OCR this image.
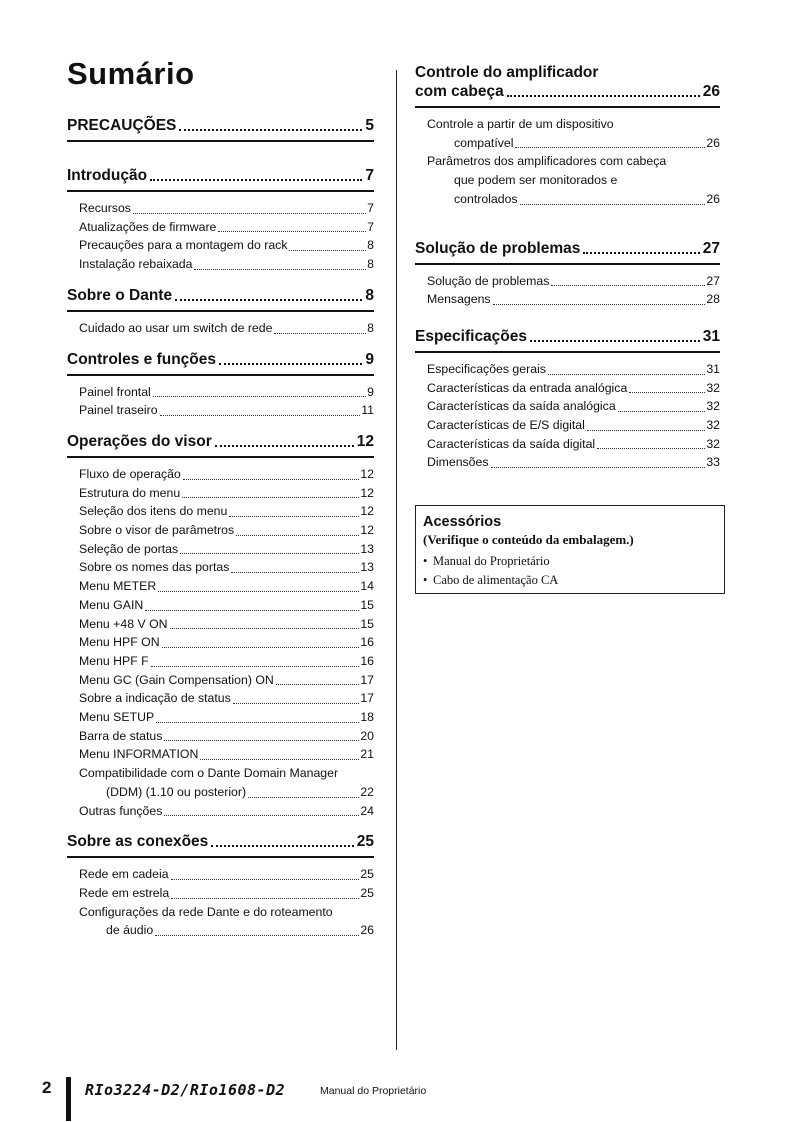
Sumário
PRECAUÇÕES	5
Introdução	7
Recursos	7
Atualizações de firmware	7
Precauções para a montagem do rack	8
Instalação rebaixada	8
Sobre o Dante	8
Cuidado ao usar um switch de rede	8
Controles e funções	9
Painel frontal	9
Painel traseiro	11
Operações do visor	12
Fluxo de operação	12
Estrutura do menu	12
Seleção dos itens do menu	12
Sobre o visor de parâmetros	12
Seleção de portas	13
Sobre os nomes das portas	13
Menu METER	14
Menu GAIN	15
Menu +48 V ON	15
Menu HPF ON	16
Menu HPF F	16
Menu GC (Gain Compensation) ON	17
Sobre a indicação de status	17
Menu SETUP	18
Barra de status	20
Menu INFORMATION	21
Compatibilidade com o Dante Domain Manager
(DDM) (1.10 ou posterior)	22
Outras funções	24
Sobre as conexões	25
Rede em cadeia	25
Rede em estrela	25
Configurações da rede Dante e do roteamento
de áudio	26
Controle do amplificador
com cabeça	26
Controle a partir de um dispositivo
compatível	26
Parâmetros dos amplificadores com cabeça
que podem ser monitorados e
controlados	26
Solução de problemas	27
Solução de problemas	27
Mensagens	28
Especificações	31
Especificações gerais	31
Características da entrada analógica	32
Características da saída analógica	32
Características de E/S digital	32
Características da saída digital	32
Dimensões	33
Acessórios
(Verifique o conteúdo da embalagem.)
• Manual do Proprietário
• Cabo de alimentação CA
2 RIo3224-D2/RIo1608-D2	Manual do Proprietário
